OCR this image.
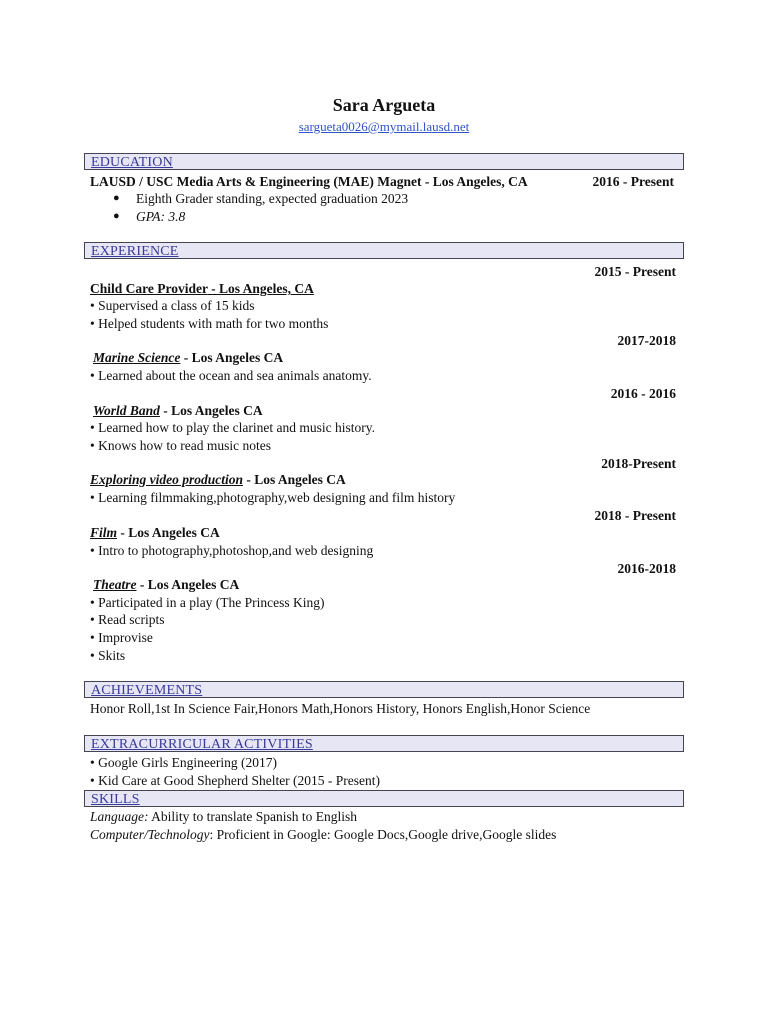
Sara Argueta
sargueta0026@mymail.lausd.net
EDUCATION
LAUSD / USC Media Arts & Engineering (MAE) Magnet - Los Angeles, CA	2016 - Present
● Eighth Grader standing, expected graduation 2023
● GPA: 3.8
EXPERIENCE
2015 - Present
Child Care Provider - Los Angeles, CA
• Supervised a class of 15 kids
• Helped students with math for two months
2017-2018
Marine Science - Los Angeles CA
• Learned about the ocean and sea animals anatomy.
2016 - 2016
World Band - Los Angeles CA
• Learned how to play the clarinet and music history.
• Knows how to read music notes
2018-Present
Exploring video production - Los Angeles CA
• Learning filmmaking,photography,web designing and film history
2018 - Present
Film - Los Angeles CA
• Intro to photography,photoshop,and web designing
2016-2018
Theatre - Los Angeles CA
• Participated in a play (The Princess King)
• Read scripts
• Improvise
• Skits
ACHIEVEMENTS
Honor Roll,1st In Science Fair,Honors Math,Honors History, Honors English,Honor Science
EXTRACURRICULAR ACTIVITIES
• Google Girls Engineering (2017)
• Kid Care at Good Shepherd Shelter (2015 - Present)
SKILLS
Language: Ability to translate Spanish to English
Computer/Technology: Proficient in Google: Google Docs,Google drive,Google slides
